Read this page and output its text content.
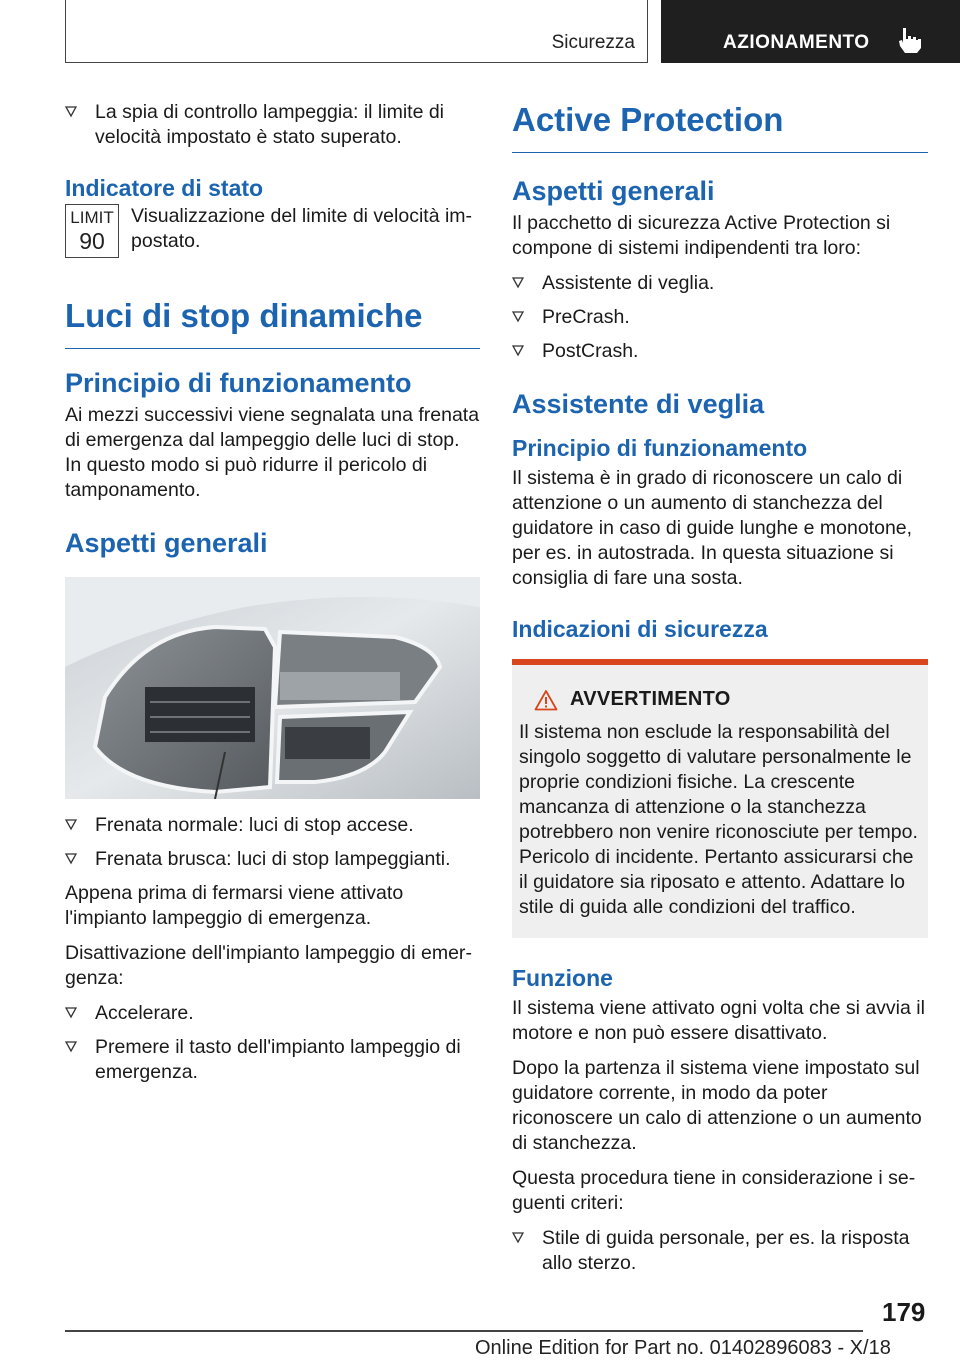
Sicurezza	AZIONAMENTO
La spia di controllo lampeggia: il limite di velocità impostato è stato superato.
Indicatore di stato
LIMIT
90
Visualizzazione del limite di velocità impostato.
Luci di stop dinamiche
Principio di funzionamento

Ai mezzi successivi viene segnalata una frenata di emergenza dal lampeggio delle luci di stop. In questo modo si può ridurre il pericolo di tamponamento.

Aspetti generali
Frenata normale: luci di stop accese.
Frenata brusca: luci di stop lampeggianti.

Appena prima di fermarsi viene attivato l'impianto lampeggio di emergenza.

Disattivazione dell'impianto lampeggio di emergenza:

Accelerare.
Premere il tasto dell'impianto lampeggio di emergenza.
Active Protection
Aspetti generali

Il pacchetto di sicurezza Active Protection si compone di sistemi indipendenti tra loro:

Assistente di veglia.
PreCrash.
PostCrash.
Assistente di veglia
Principio di funzionamento

Il sistema è in grado di riconoscere un calo di attenzione o un aumento di stanchezza del guidatore in caso di guide lunghe e monotone, per es. in autostrada. In questa situazione si consiglia di fare una sosta.

Indicazioni di sicurezza
AVVERTIMENTO
Il sistema non esclude la responsabilità del singolo soggetto di valutare personalmente le proprie condizioni fisiche. La crescente mancanza di attenzione o la stanchezza potrebbero non venire riconosciute per tempo. Pericolo di incidente. Pertanto assicurarsi che il guidatore sia riposato e attento. Adattare lo stile di guida alle condizioni del traffico.
Funzione

Il sistema viene attivato ogni volta che si avvia il motore e non può essere disattivato.

Dopo la partenza il sistema viene impostato sul guidatore corrente, in modo da poter riconoscere un calo di attenzione o un aumento di stanchezza.

Questa procedura tiene in considerazione i seguenti criteri:

Stile di guida personale, per es. la risposta allo sterzo.
179
Online Edition for Part no. 01402896083 - X/18
